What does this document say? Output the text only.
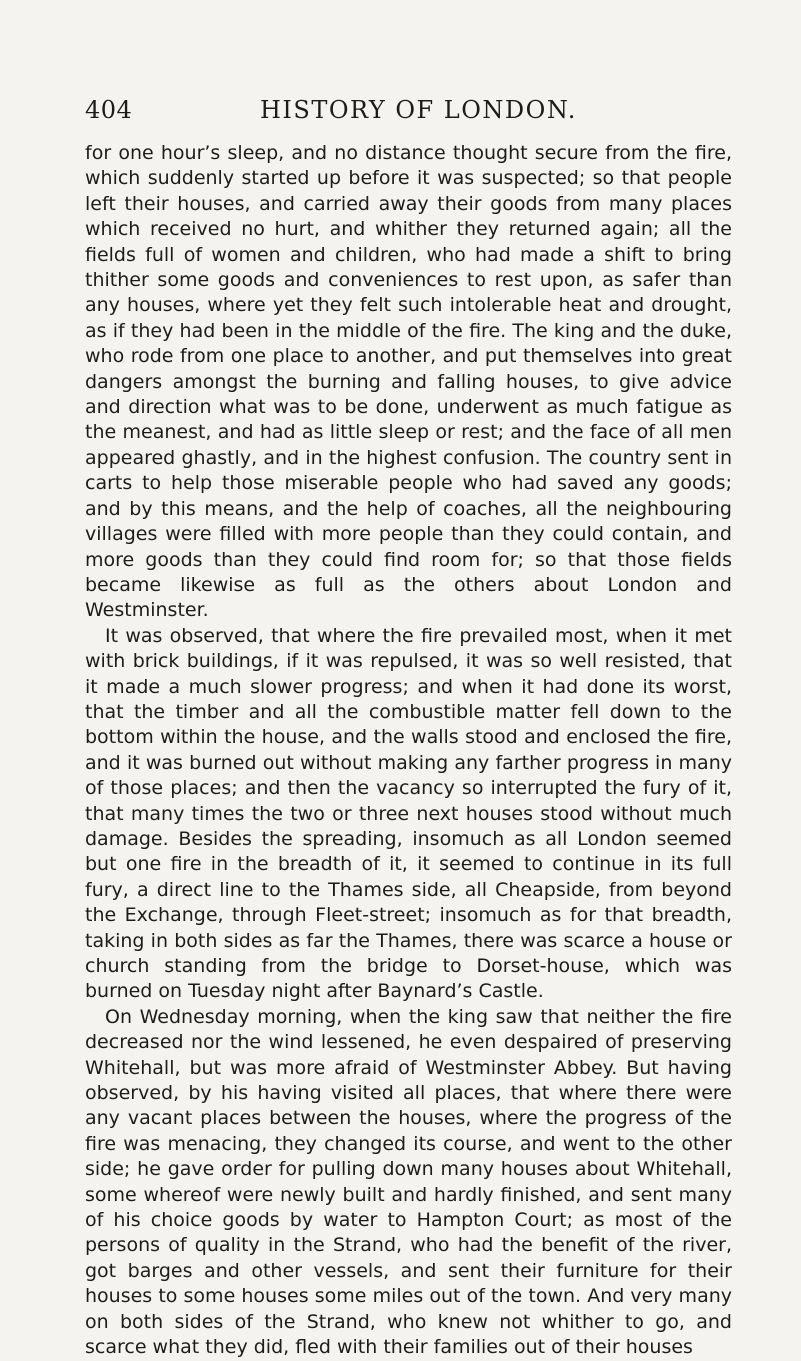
404	HISTORY OF LONDON.

for one hour’s sleep, and no distance thought secure from the fire, which suddenly started up before it was suspected; so that people left their houses, and carried away their goods from many places which received no hurt, and whither they returned again; all the fields full of women and children, who had made a shift to bring thither some goods and conveniences to rest upon, as safer than any houses, where yet they felt such intolerable heat and drought, as if they had been in the middle of the fire. The king and the duke, who rode from one place to another, and put themselves into great dangers amongst the burning and falling houses, to give advice and direction what was to be done, underwent as much fatigue as the meanest, and had as little sleep or rest; and the face of all men appeared ghastly, and in the highest confusion. The country sent in carts to help those miserable people who had saved any goods; and by this means, and the help of coaches, all the neighbouring villages were filled with more people than they could contain, and more goods than they could find room for; so that those fields became likewise as full as the others about London and Westminster.

It was observed, that where the fire prevailed most, when it met with brick buildings, if it was repulsed, it was so well resisted, that it made a much slower progress; and when it had done its worst, that the timber and all the combustible matter fell down to the bottom within the house, and the walls stood and enclosed the fire, and it was burned out without making any farther progress in many of those places; and then the vacancy so interrupted the fury of it, that many times the two or three next houses stood without much damage. Besides the spreading, insomuch as all London seemed but one fire in the breadth of it, it seemed to continue in its full fury, a direct line to the Thames side, all Cheapside, from beyond the Exchange, through Fleet-street; insomuch as for that breadth, taking in both sides as far the Thames, there was scarce a house or church standing from the bridge to Dorset-house, which was burned on Tuesday night after Baynard’s Castle.

On Wednesday morning, when the king saw that neither the fire decreased nor the wind lessened, he even despaired of preserving Whitehall, but was more afraid of Westminster Abbey. But having observed, by his having visited all places, that where there were any vacant places between the houses, where the progress of the fire was menacing, they changed its course, and went to the other side; he gave order for pulling down many houses about Whitehall, some whereof were newly built and hardly finished, and sent many of his choice goods by water to Hampton Court; as most of the persons of quality in the Strand, who had the benefit of the river, got barges and other vessels, and sent their furniture for their houses to some houses some miles out of the town. And very many on both sides of the Strand, who knew not whither to go, and scarce what they did, fled with their families out of their houses
